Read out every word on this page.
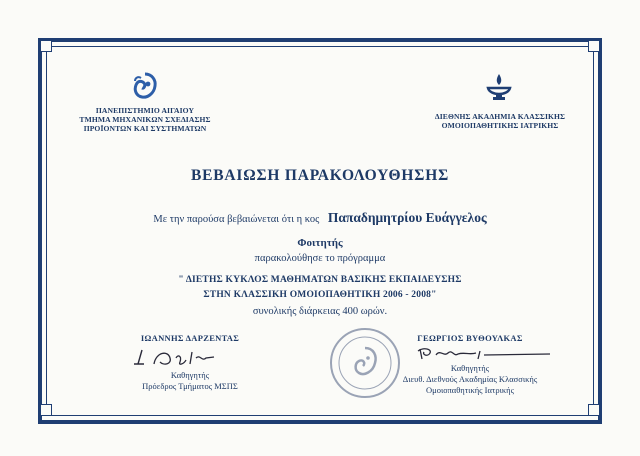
ΠΑΝΕΠΙΣΤΗΜΙΟ ΑΙΓΑΙΟΥ
ΤΜΗΜΑ ΜΗΧΑΝΙΚΩΝ ΣΧΕΔΙΑΣΗΣ
ΠΡΟΪΟΝΤΩΝ ΚΑΙ ΣΥΣΤΗΜΑΤΩΝ
ΔΙΕΘΝΗΣ ΑΚΑΔΗΜΙΑ ΚΛΑΣΣΙΚΗΣ
ΟΜΟΙΟΠΑΘΗΤΙΚΗΣ ΙΑΤΡΙΚΗΣ
ΒΕΒΑΙΩΣΗ ΠΑΡΑΚΟΛΟΥΘΗΣΗΣ
Με την παρούσα βεβαιώνεται ότι η κος Παπαδημητρίου Ευάγγελος
Φοιτητής
παρακολούθησε το πρόγραμμα
" ΔΙΕΤΗΣ ΚΥΚΛΟΣ ΜΑΘΗΜΑΤΩΝ ΒΑΣΙΚΗΣ ΕΚΠΑΙΔΕΥΣΗΣ
ΣΤΗΝ ΚΛΑΣΣΙΚΗ ΟΜΟΙΟΠΑΘΗΤΙΚΗ 2006 - 2008"
συνολικής διάρκειας 400 ωρών.
ΙΩΑΝΝΗΣ ΔΑΡΖΕΝΤΑΣ
Καθηγητής
Πρόεδρος Τμήματος ΜΣΠΣ
ΓΕΩΡΓΙΟΣ ΒΥΘΟΥΛΚΑΣ
Καθηγητής
Διευθ. Διεθνούς Ακαδημίας Κλασσικής
Ομοιοπαθητικής Ιατρικής
